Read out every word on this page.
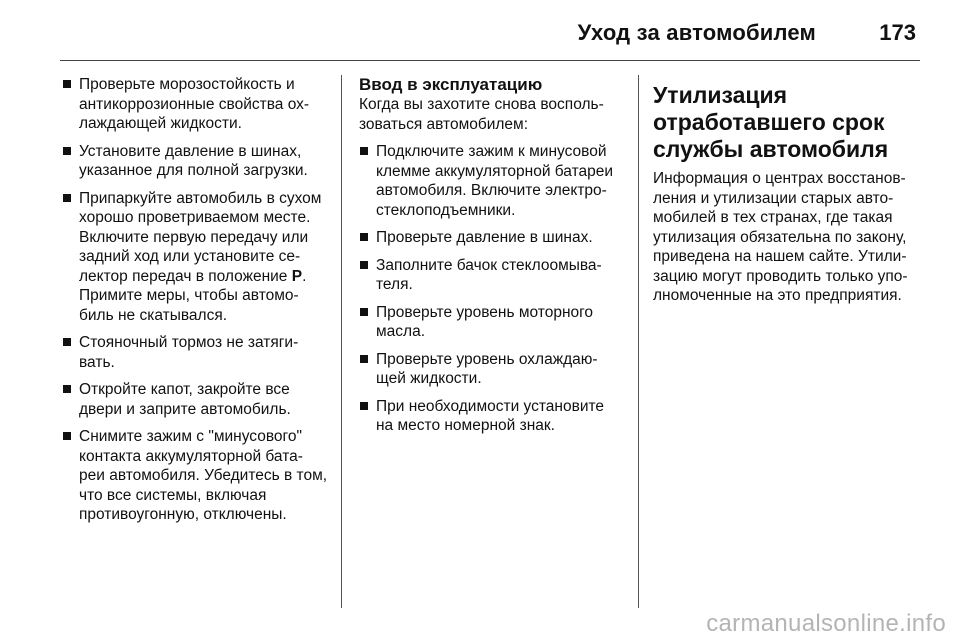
Уход за автомобилем	173
Проверьте морозостойкость и антикоррозионные свойства ох-лаждающей жидкости.
Установите давление в шинах, указанное для полной загрузки.
Припаркуйте автомобиль в сухом хорошо проветриваемом месте. Включите первую передачу или задний ход или установите се-лектор передач в положение P. Примите меры, чтобы автомо-биль не скатывался.
Стояночный тормоз не затяги-вать.
Откройте капот, закройте все двери и заприте автомобиль.
Снимите зажим с "минусового" контакта аккумуляторной бата-реи автомобиля. Убедитесь в том, что все системы, включая противоугонную, отключены.
Ввод в эксплуатацию

Когда вы захотите снова восполь-зоваться автомобилем:

Подключите зажим к минусовой клемме аккумуляторной батареи автомобиля. Включите электро-стеклоподъемники.
Проверьте давление в шинах.
Заполните бачок стеклоомыва-теля.
Проверьте уровень моторного масла.
Проверьте уровень охлаждаю-щей жидкости.
При необходимости установите на место номерной знак.
Утилизация отработавшего срок службы автомобиля

Информация о центрах восстанов-ления и утилизации старых авто-мобилей в тех странах, где такая утилизация обязательна по закону, приведена на нашем сайте. Утили-зацию могут проводить только упо-лномоченные на это предприятия.

carmanualsonline.info
